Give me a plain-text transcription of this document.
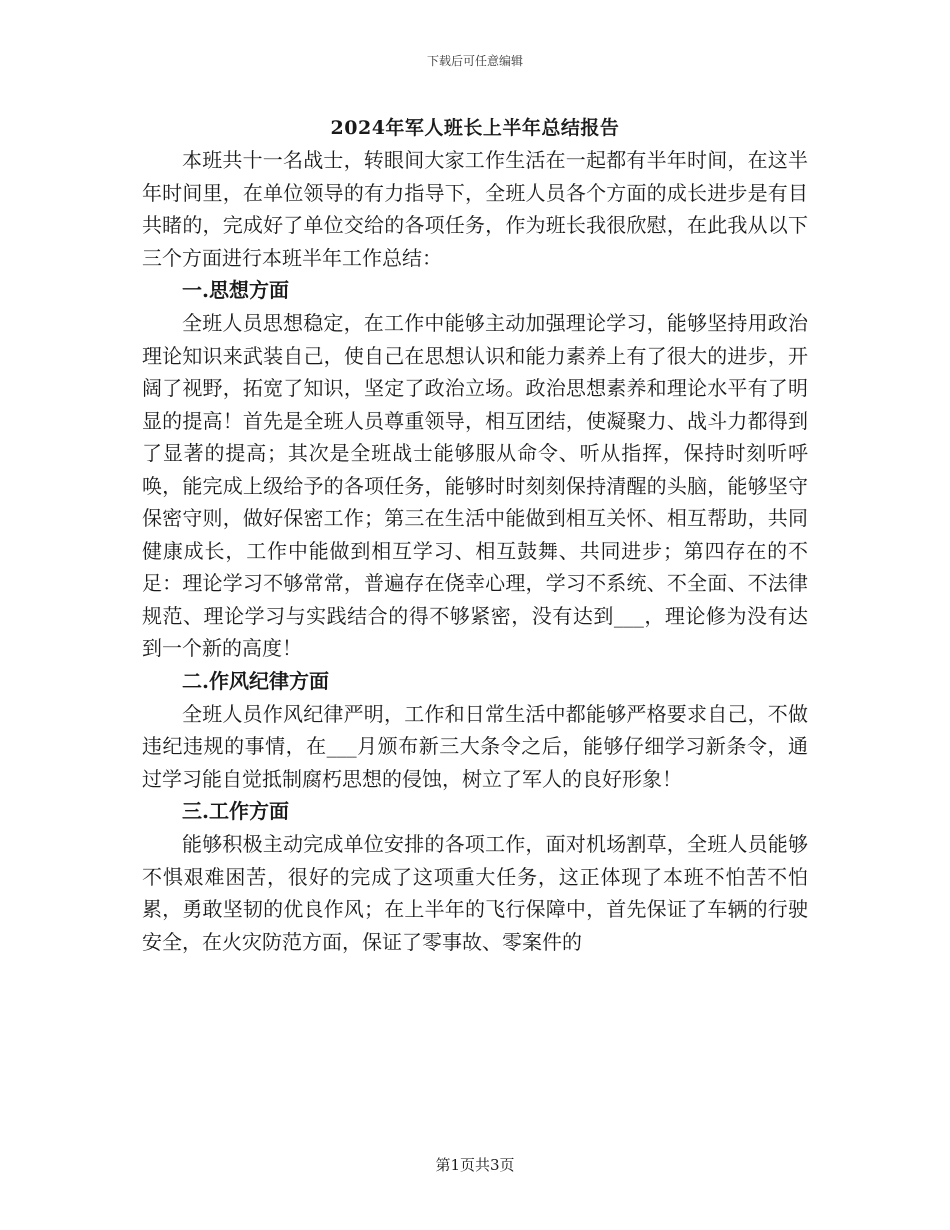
下载后可任意编辑
2024年军人班长上半年总结报告

本班共十一名战士，转眼间大家工作生活在一起都有半年时间，在这半年时间里，在单位领导的有力指导下，全班人员各个方面的成长进步是有目共睹的，完成好了单位交给的各项任务，作为班长我很欣慰，在此我从以下三个方面进行本班半年工作总结：

一.思想方面

全班人员思想稳定，在工作中能够主动加强理论学习，能够坚持用政治理论知识来武装自己，使自己在思想认识和能力素养上有了很大的进步，开阔了视野，拓宽了知识，坚定了政治立场。政治思想素养和理论水平有了明显的提高！首先是全班人员尊重领导，相互团结，使凝聚力、战斗力都得到了显著的提高；其次是全班战士能够服从命令、听从指挥，保持时刻听呼唤，能完成上级给予的各项任务，能够时时刻刻保持清醒的头脑，能够坚守保密守则，做好保密工作；第三在生活中能做到相互关怀、相互帮助，共同健康成长，工作中能做到相互学习、相互鼓舞、共同进步；第四存在的不足：理论学习不够常常，普遍存在侥幸心理，学习不系统、不全面、不法律规范、理论学习与实践结合的得不够紧密，没有达到___，理论修为没有达到一个新的高度！

二.作风纪律方面

全班人员作风纪律严明，工作和日常生活中都能够严格要求自己，不做违纪违规的事情，在___月颁布新三大条令之后，能够仔细学习新条令，通过学习能自觉抵制腐朽思想的侵蚀，树立了军人的良好形象！

三.工作方面

能够积极主动完成单位安排的各项工作，面对机场割草，全班人员能够不惧艰难困苦，很好的完成了这项重大任务，这正体现了本班不怕苦不怕累，勇敢坚韧的优良作风；在上半年的飞行保障中，首先保证了车辆的行驶安全，在火灾防范方面，保证了零事故、零案件的

第1页共3页
